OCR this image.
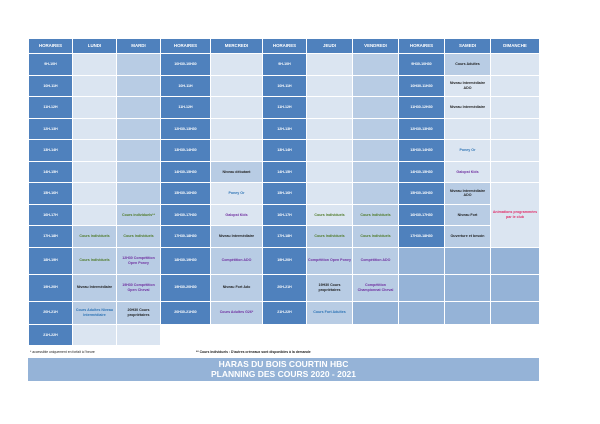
HORAIRES	LUNDI	MARDI	HORAIRES	MERCREDI	HORAIRES	JEUDI	VENDREDI	HORAIRES	SAMEDI	DIMANCHE
9H-10H			10H30-10H30		9H-10H			9H30-10H30	Cours Adultes	
10H-11H			10H-11H		10H-11H			10H30-11H30	Niveau Intermédiaire ADO	
11H-12H			11H-12H		11H-12H			11H30-12H30	Niveau Intermédiaire	
12H-13H			12H30-13H30		12H-13H			12H30-13H30		
13H-14H			13H30-14H30		13H-14H			13H30-14H30	Poney Or	
14H-15H			14H30-15H30	Niveau débutant	14H-15H			14H30-15H30	Galopst Kids	
15H-16H			15H30-16H30	Poney Or	15H-16H			15H30-16H30	Niveau Intermédiaire ADO	Animations programmées par le club
16H-17H		Cours individuels**	16H30-17H30	Galopst Kids	16H-17H	Cours Individuels	Cours Individuels	16H30-17H30	Niveau Fort	
17H-18H	Cours Individuels	Cours Individuels	17H30-18H30	Niveau Intermédiaire	17H-18H	Cours Individuels	Cours Individuels	17H30-18H30	Ouverture et besoin	
18H-19H	Cours Individuels	12H30 Compétition Open Poney	18H30-19H30	Compétition ADO	19H-20H	Compétition Open Poney	Compétition ADO			
19H-20H	Niveau Intermédiaire	19H30 Compétition Open Cheval	19H30-20H30	Niveau Fort Ado	20H-21H	19H30 Cours propriétaires	Compétition Championnat Cheval			
20H-21H	Cours Adultes Niveau Intermédiaire	20H30 Cours propriétaires	20H30-21H30	Cours Adultes G26*	21H-22H	Cours Fort Adultes				
21H-22H										
* accessible uniquement en forfait à l'heure	** Cours Individuels : D'autres créneaux sont disponibles à la demande
HARAS DU BOIS COURTIN HBC
PLANNING DES COURS 2020 - 2021
